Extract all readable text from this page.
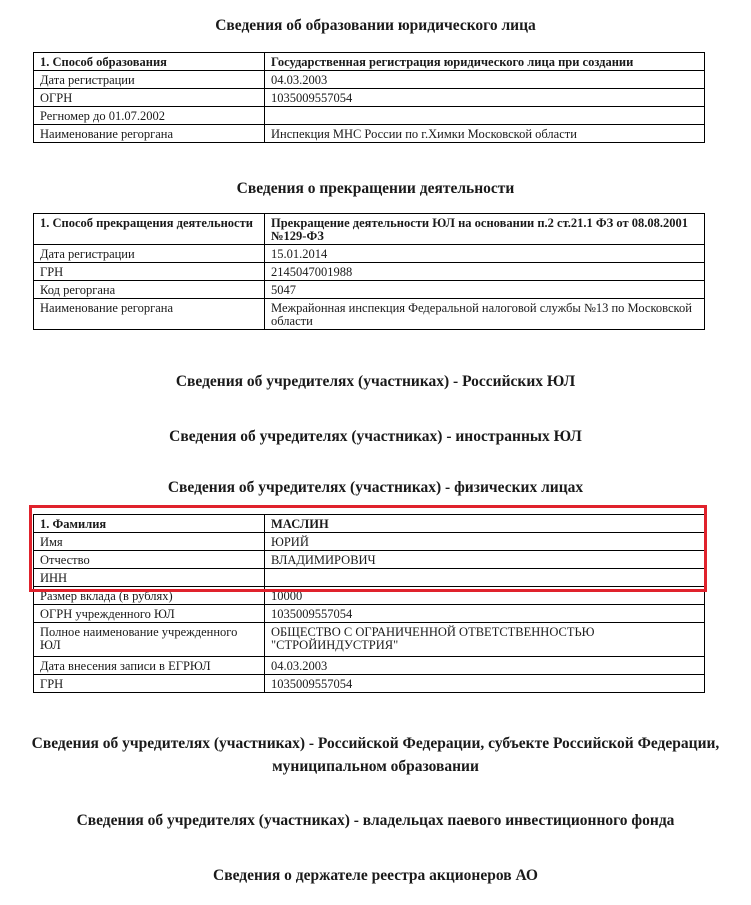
Сведения об образовании юридического лица
1. Способ образования	Государственная регистрация юридического лица при создании
Дата регистрации	04.03.2003
ОГРН	1035009557054
Регномер до 01.07.2002	
Наименование регоргана	Инспекция МНС России по г.Химки Московской области
Сведения о прекращении деятельности
1. Способ прекращения деятельности	Прекращение деятельности ЮЛ на основании п.2 ст.21.1 ФЗ от 08.08.2001 №129-ФЗ
Дата регистрации	15.01.2014
ГРН	2145047001988
Код регоргана	5047
Наименование регоргана	Межрайонная инспекция Федеральной налоговой службы №13 по Московской области
Сведения об учредителях (участниках) - Российских ЮЛ
Сведения об учредителях (участниках) - иностранных ЮЛ
Сведения об учредителях (участниках) - физических лицах
1. Фамилия	МАСЛИН
Имя	ЮРИЙ
Отчество	ВЛАДИМИРОВИЧ
ИНН	
Размер вклада (в рублях)	10000
ОГРН учрежденного ЮЛ	1035009557054
Полное наименование учрежденного ЮЛ	ОБЩЕСТВО С ОГРАНИЧЕННОЙ ОТВЕТСТВЕННОСТЬЮ "СТРОЙИНДУСТРИЯ"
Дата внесения записи в ЕГРЮЛ	04.03.2003
ГРН	1035009557054
Сведения об учредителях (участниках) - Российской Федерации, субъекте Российской Федерации,
муниципальном образовании
Сведения об учредителях (участниках) - владельцах паевого инвестиционного фонда
Сведения о держателе реестра акционеров АО
